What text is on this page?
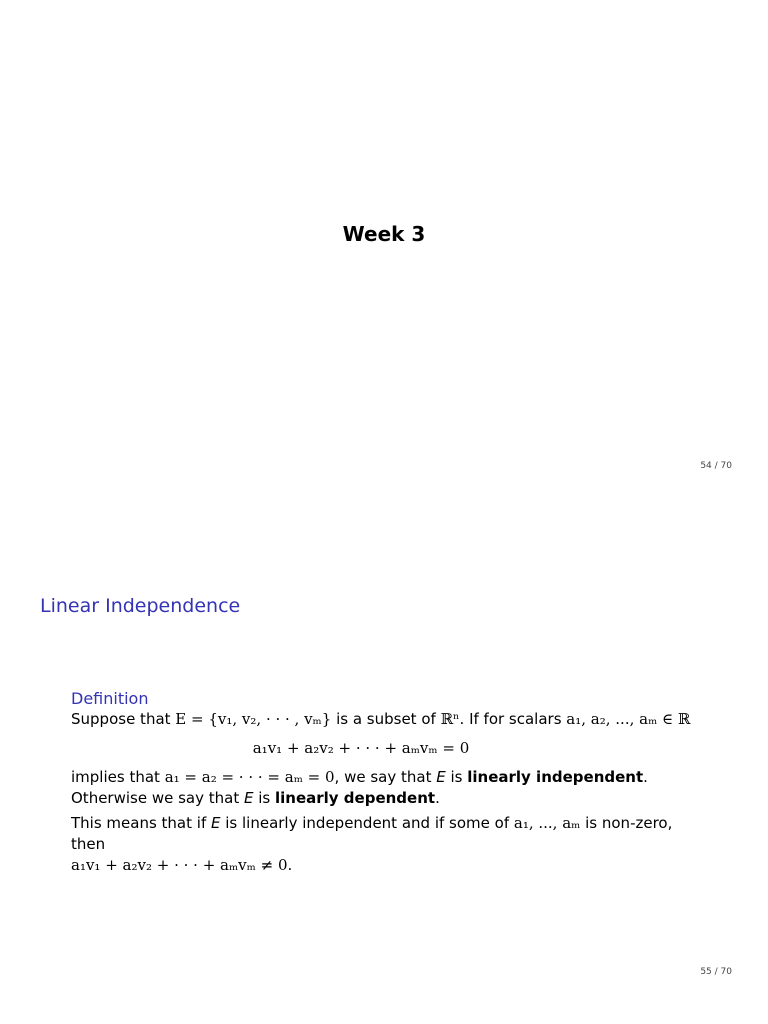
Week 3
54 / 70
Linear Independence
Definition

Suppose that E = {v₁, v₂, · · · , vₘ} is a subset of ℝⁿ. If for scalars a₁, a₂, ..., aₘ ∈ ℝ

a₁v₁ + a₂v₂ + · · · + aₘvₘ = 0

implies that a₁ = a₂ = · · · = aₘ = 0, we say that E is linearly independent.

Otherwise we say that E is linearly dependent.

This means that if E is linearly independent and if some of a₁, ..., aₘ is non-zero, then

a₁v₁ + a₂v₂ + · · · + aₘvₘ ≠ 0.

55 / 70
